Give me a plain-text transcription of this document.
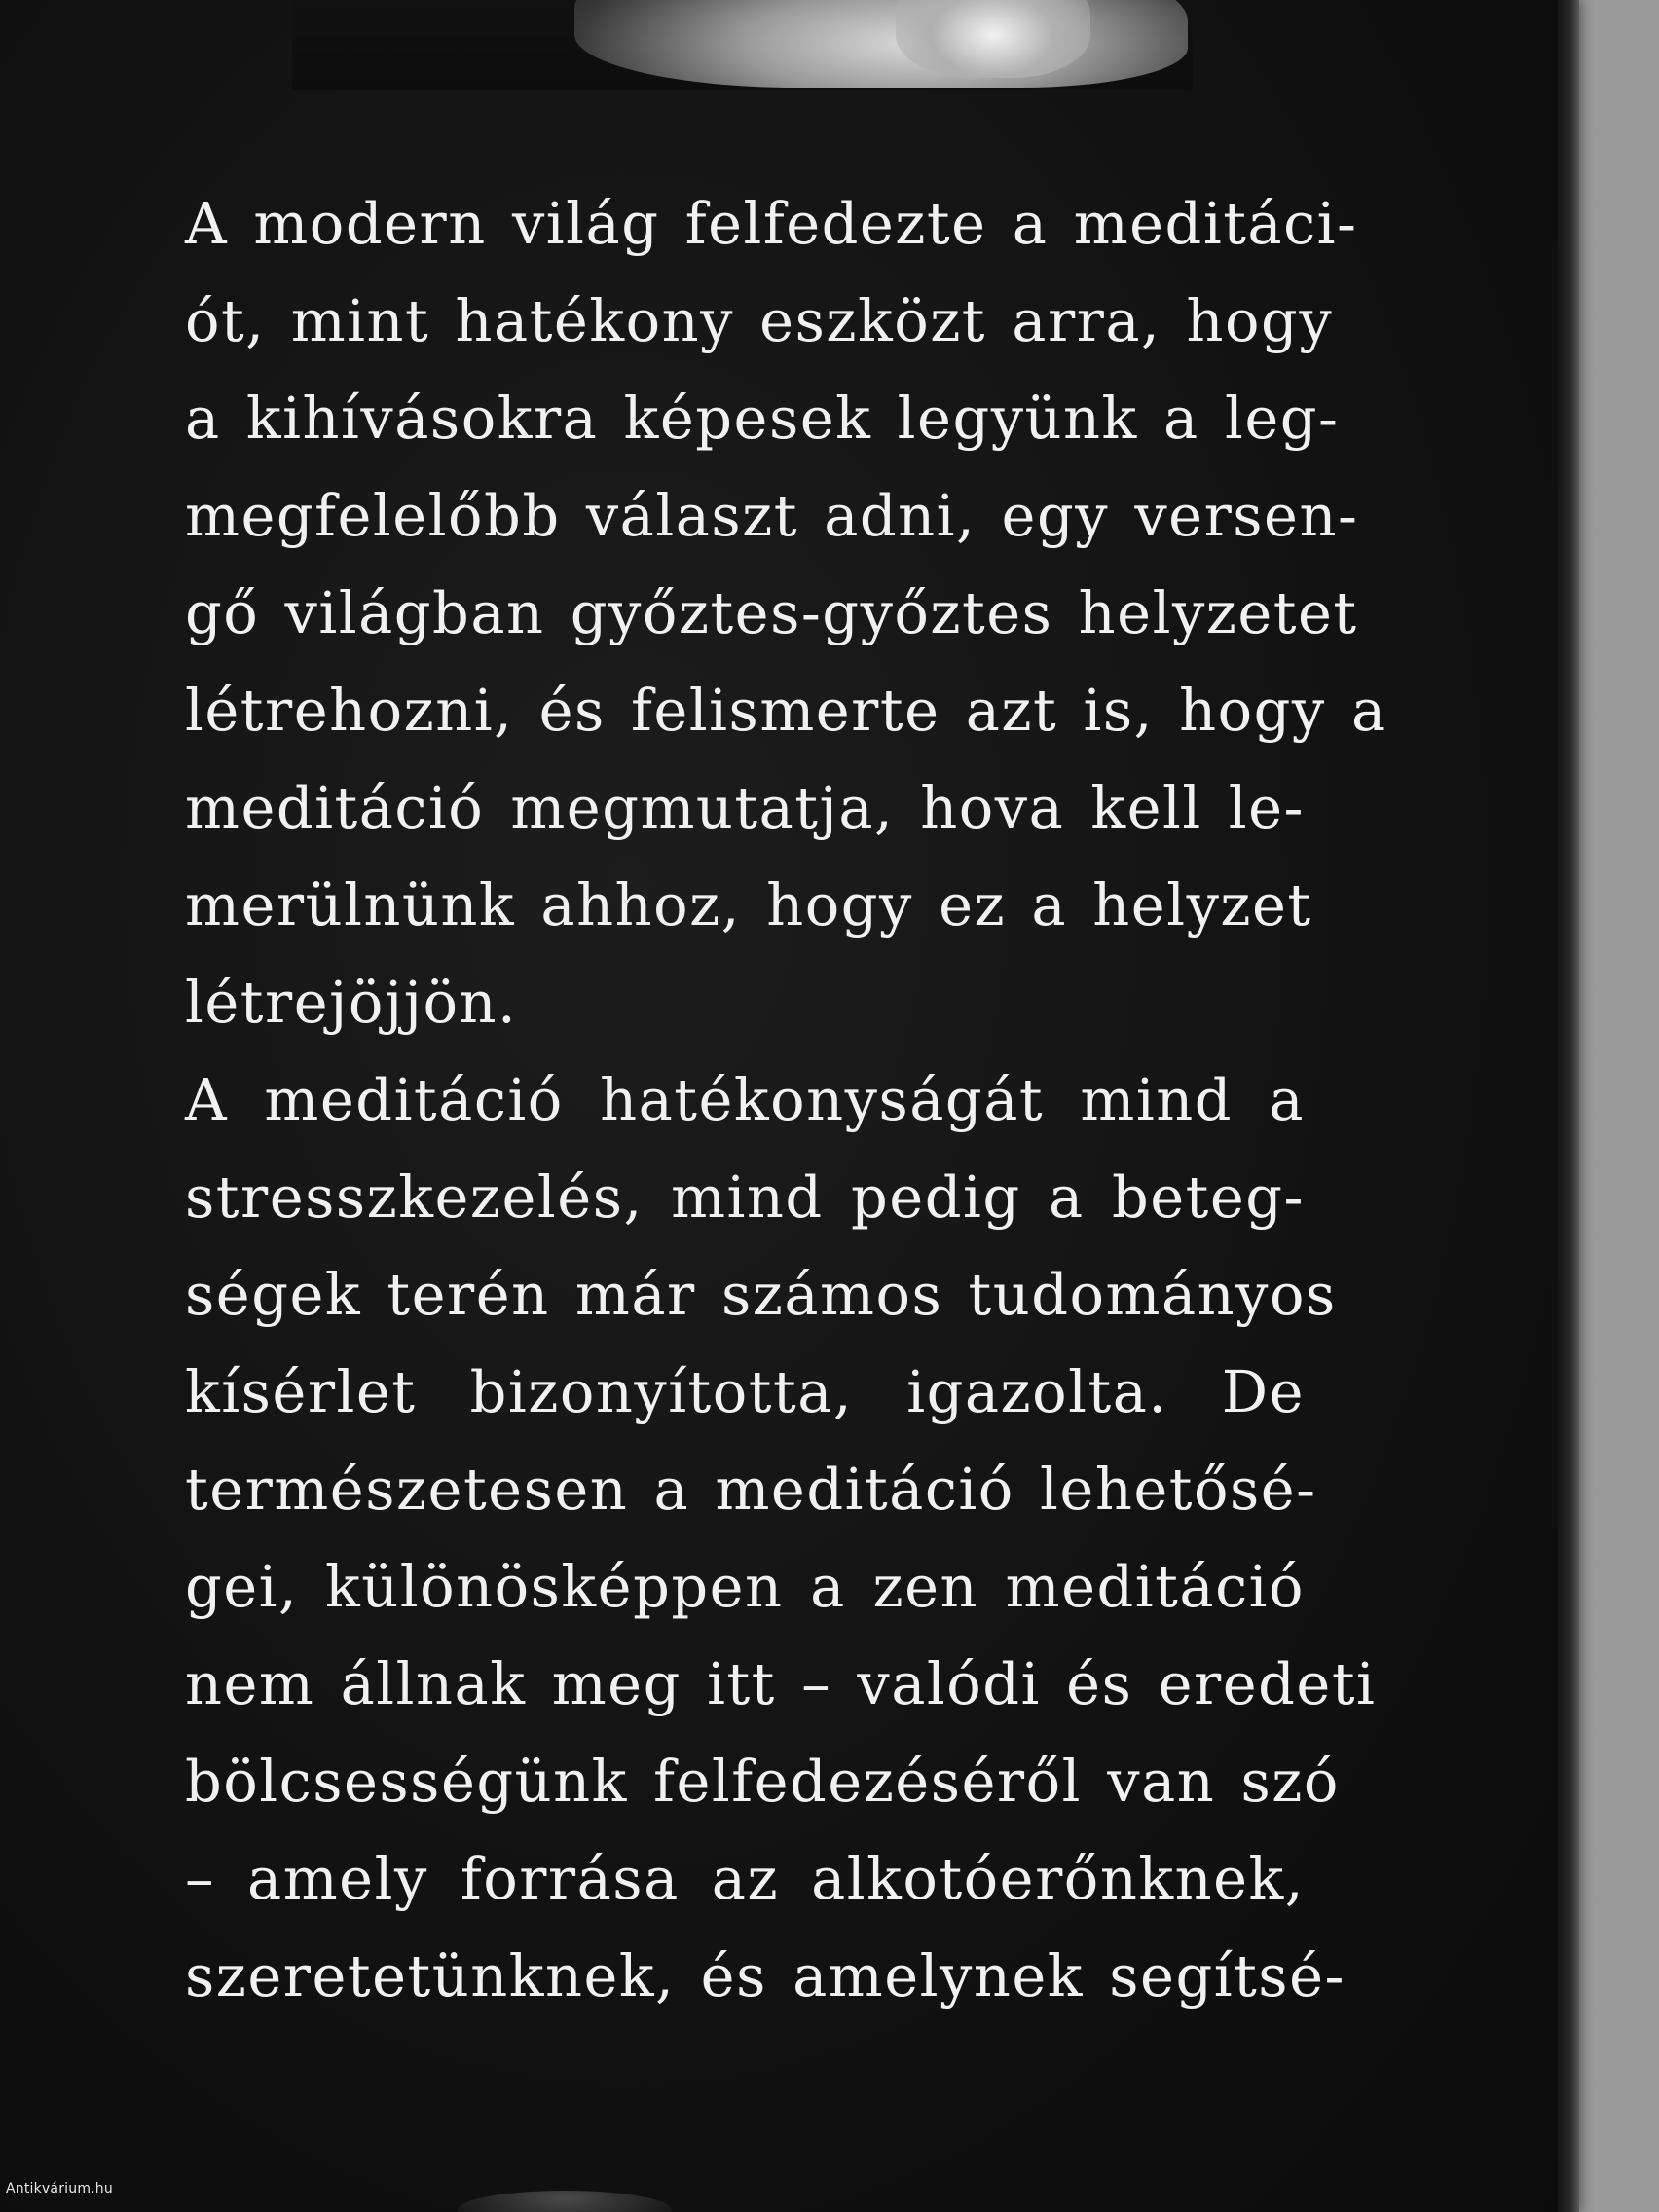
A modern világ felfedezte a meditáci-
ót, mint hatékony eszközt arra, hogy
a kihívásokra képesek legyünk a leg-
megfelelőbb választ adni, egy versen-
gő világban győztes-győztes helyzetet
létrehozni, és felismerte azt is, hogy a
meditáció megmutatja, hova kell le-
merülnünk ahhoz, hogy ez a helyzet
létrejöjjön.
A meditáció hatékonyságát mind a
stresszkezelés, mind pedig a beteg-
ségek terén már számos tudományos
kísérlet bizonyította, igazolta. De
természetesen a meditáció lehetősé-
gei, különösképpen a zen meditáció
nem állnak meg itt – valódi és eredeti
bölcsességünk felfedezéséről van szó
– amely forrása az alkotóerőnknek,
szeretetünknek, és amelynek segítsé-
Antikvárium.hu
